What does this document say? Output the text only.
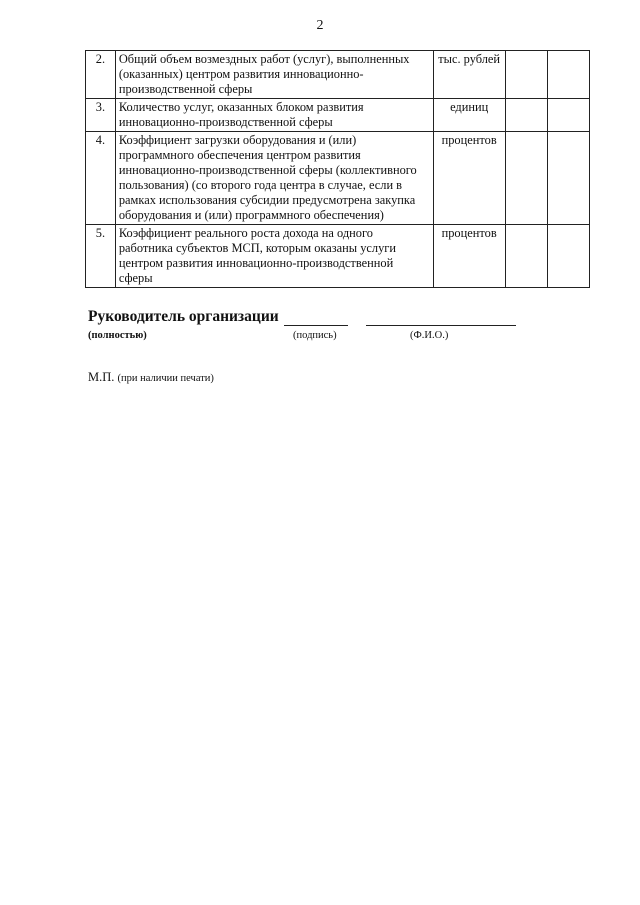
2
2.	Общий объем возмездных работ (услуг), выполненных (оказанных) центром развития инновационно-производственной сферы	тыс. рублей		
3.	Количество услуг, оказанных блоком развития инновационно-производственной сферы	единиц		
4.	Коэффициент загрузки оборудования и (или) программного обеспечения центром развития инновационно-производственной сферы (коллективного пользования) (со второго года центра в случае, если в рамках использования субсидии предусмотрена закупка оборудования и (или) программного обеспечения)	процентов		
5.	Коэффициент реального роста дохода на одного работника субъектов МСП, которым оказаны услуги центром развития инновационно-производственной сферы	процентов		
Руководитель организации
(полностью)	(подпись)	(Ф.И.О.)
М.П. (при наличии печати)
